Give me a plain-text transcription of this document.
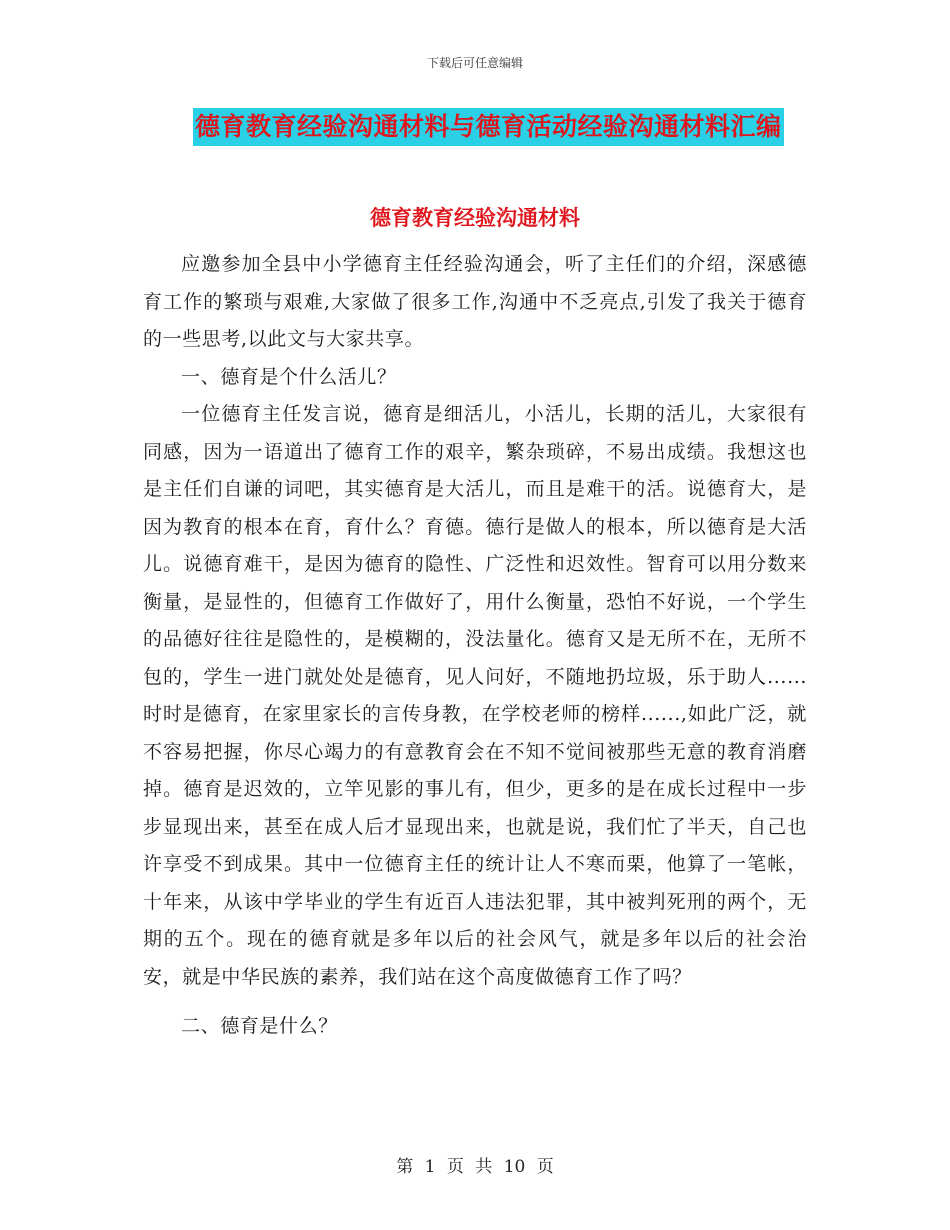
下载后可任意编辑
德育教育经验沟通材料与德育活动经验沟通材料汇编
德育教育经验沟通材料

应邀参加全县中小学德育主任经验沟通会，听了主任们的介绍，深感德育工作的繁琐与艰难,大家做了很多工作,沟通中不乏亮点,引发了我关于德育的一些思考,以此文与大家共享。

一、德育是个什么活儿？

一位德育主任发言说，德育是细活儿，小活儿，长期的活儿，大家很有同感，因为一语道出了德育工作的艰辛，繁杂琐碎，不易出成绩。我想这也是主任们自谦的词吧，其实德育是大活儿，而且是难干的活。说德育大，是因为教育的根本在育，育什么？育德。德行是做人的根本，所以德育是大活儿。说德育难干，是因为德育的隐性、广泛性和迟效性。智育可以用分数来衡量，是显性的，但德育工作做好了，用什么衡量，恐怕不好说，一个学生的品德好往往是隐性的，是模糊的，没法量化。德育又是无所不在，无所不包的，学生一进门就处处是德育，见人问好，不随地扔垃圾，乐于助人......时时是德育，在家里家长的言传身教，在学校老师的榜样......,如此广泛，就不容易把握，你尽心竭力的有意教育会在不知不觉间被那些无意的教育消磨掉。德育是迟效的，立竿见影的事儿有，但少，更多的是在成长过程中一步步显现出来，甚至在成人后才显现出来，也就是说，我们忙了半天，自己也许享受不到成果。其中一位德育主任的统计让人不寒而栗，他算了一笔帐，十年来，从该中学毕业的学生有近百人违法犯罪，其中被判死刑的两个，无期的五个。现在的德育就是多年以后的社会风气，就是多年以后的社会治安，就是中华民族的素养，我们站在这个高度做德育工作了吗？

二、德育是什么？

第 1 页 共 10 页
